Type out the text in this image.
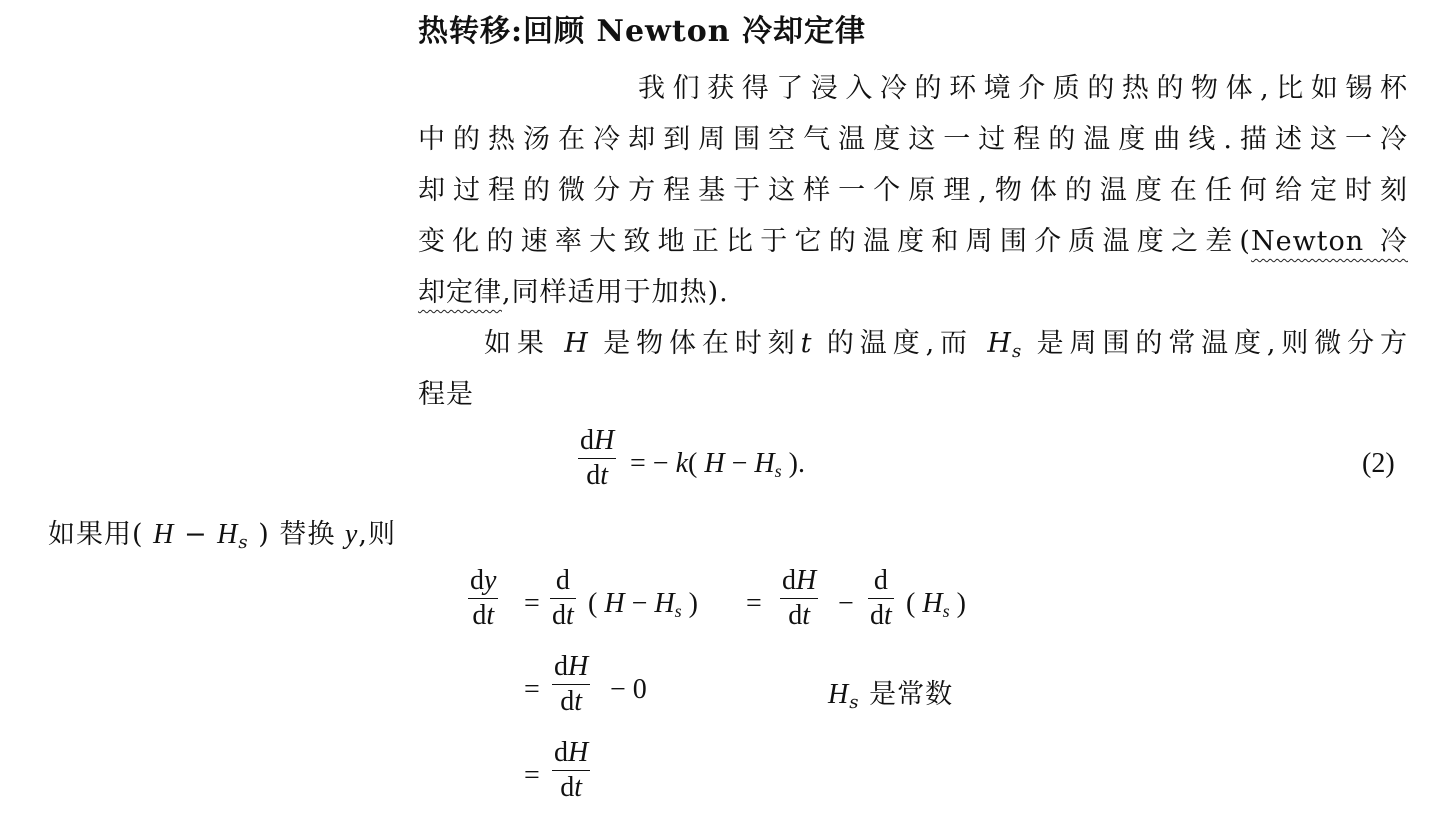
热转移:回顾 Newton 冷却定律
我们获得了浸入冷的环境介质的热的物体,比如锡杯
中的热汤在冷却到周围空气温度这一过程的温度曲线.描述这一冷
却过程的微分方程基于这样一个原理,物体的温度在任何给定时刻
变化的速率大致地正比于它的温度和周围介质温度之差(Newton 冷
却定律,同样适用于加热).
如果 H 是物体在时刻t 的温度,而 $H_s$ 是周围的常温度,则微分方
程是
dH
dt = − k( $H - H_s$ ).	(2)
如果用( $H - H_s$ ) 替换 y,则
dy
dt =
d
dt ( $H - H_s$ ) =
dH
dt −
d
dt ( $H_s$ )
=
dH
dt − 0	$H_s$ 是常数
=
dH
dt
